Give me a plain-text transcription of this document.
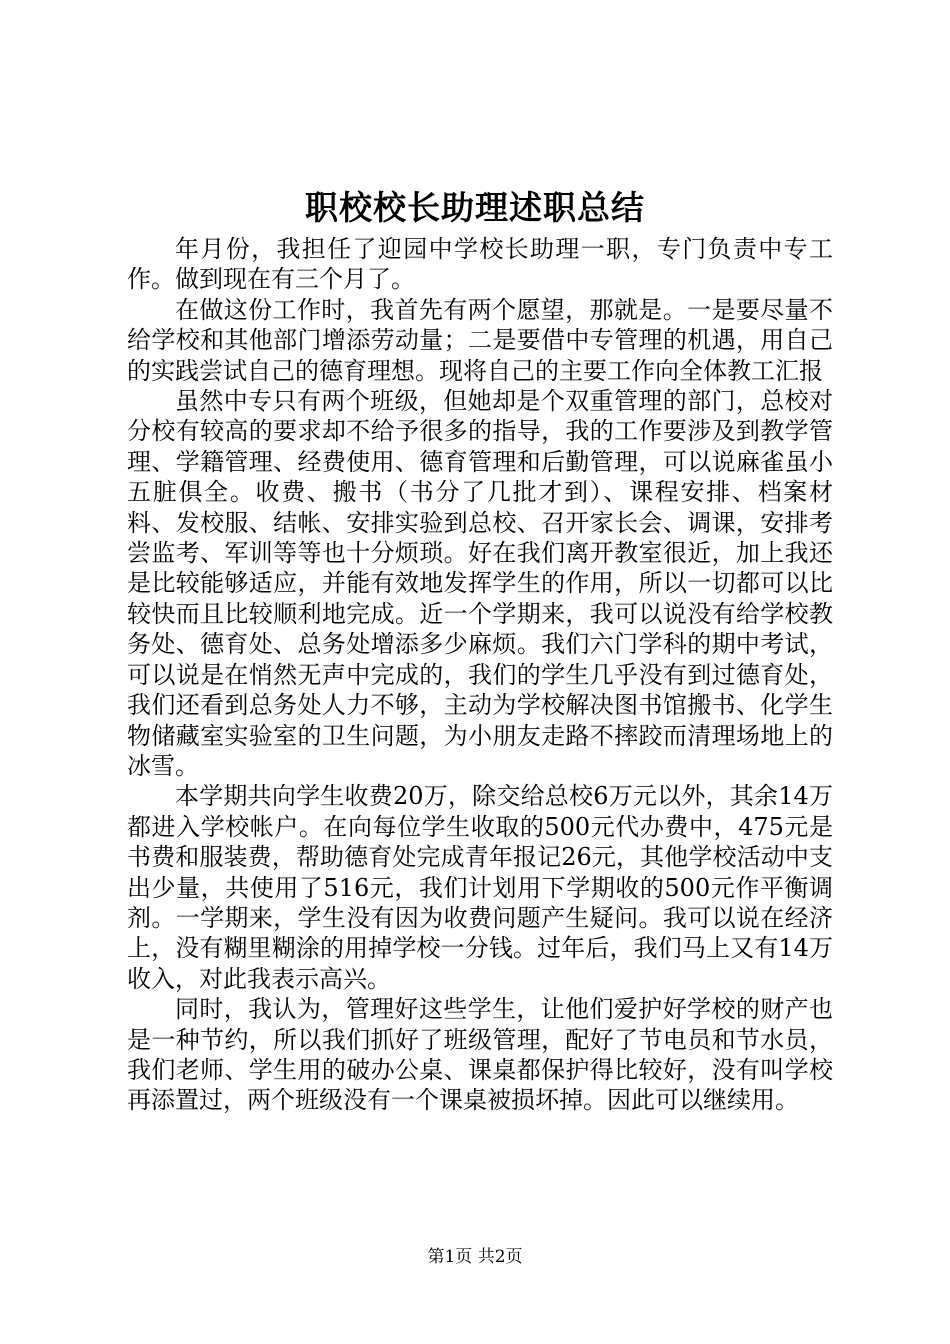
职校校长助理述职总结

年月份，我担任了迎园中学校长助理一职，专门负责中专工作。做到现在有三个月了。

在做这份工作时，我首先有两个愿望，那就是。一是要尽量不给学校和其他部门增添劳动量；二是要借中专管理的机遇，用自己的实践尝试自己的德育理想。现将自己的主要工作向全体教工汇报

虽然中专只有两个班级，但她却是个双重管理的部门，总校对分校有较高的要求却不给予很多的指导，我的工作要涉及到教学管理、学籍管理、经费使用、德育管理和后勤管理，可以说麻雀虽小五脏俱全。收费、搬书（书分了几批才到）、课程安排、档案材料、发校服、结帐、安排实验到总校、召开家长会、调课，安排考尝监考、军训等等也十分烦琐。好在我们离开教室很近，加上我还是比较能够适应，并能有效地发挥学生的作用，所以一切都可以比较快而且比较顺利地完成。近一个学期来，我可以说没有给学校教务处、德育处、总务处增添多少麻烦。我们六门学科的期中考试，可以说是在悄然无声中完成的，我们的学生几乎没有到过德育处，我们还看到总务处人力不够，主动为学校解决图书馆搬书、化学生物储藏室实验室的卫生问题，为小朋友走路不摔跤而清理场地上的冰雪。

本学期共向学生收费20万，除交给总校6万元以外，其余14万都进入学校帐户。在向每位学生收取的500元代办费中，475元是书费和服装费，帮助德育处完成青年报记26元，其他学校活动中支出少量，共使用了516元，我们计划用下学期收的500元作平衡调剂。一学期来，学生没有因为收费问题产生疑问。我可以说在经济上，没有糊里糊涂的用掉学校一分钱。过年后，我们马上又有14万收入，对此我表示高兴。

同时，我认为，管理好这些学生，让他们爱护好学校的财产也是一种节约，所以我们抓好了班级管理，配好了节电员和节水员，我们老师、学生用的破办公桌、课桌都保护得比较好，没有叫学校再添置过，两个班级没有一个课桌被损坏掉。因此可以继续用。

第1页 共2页
